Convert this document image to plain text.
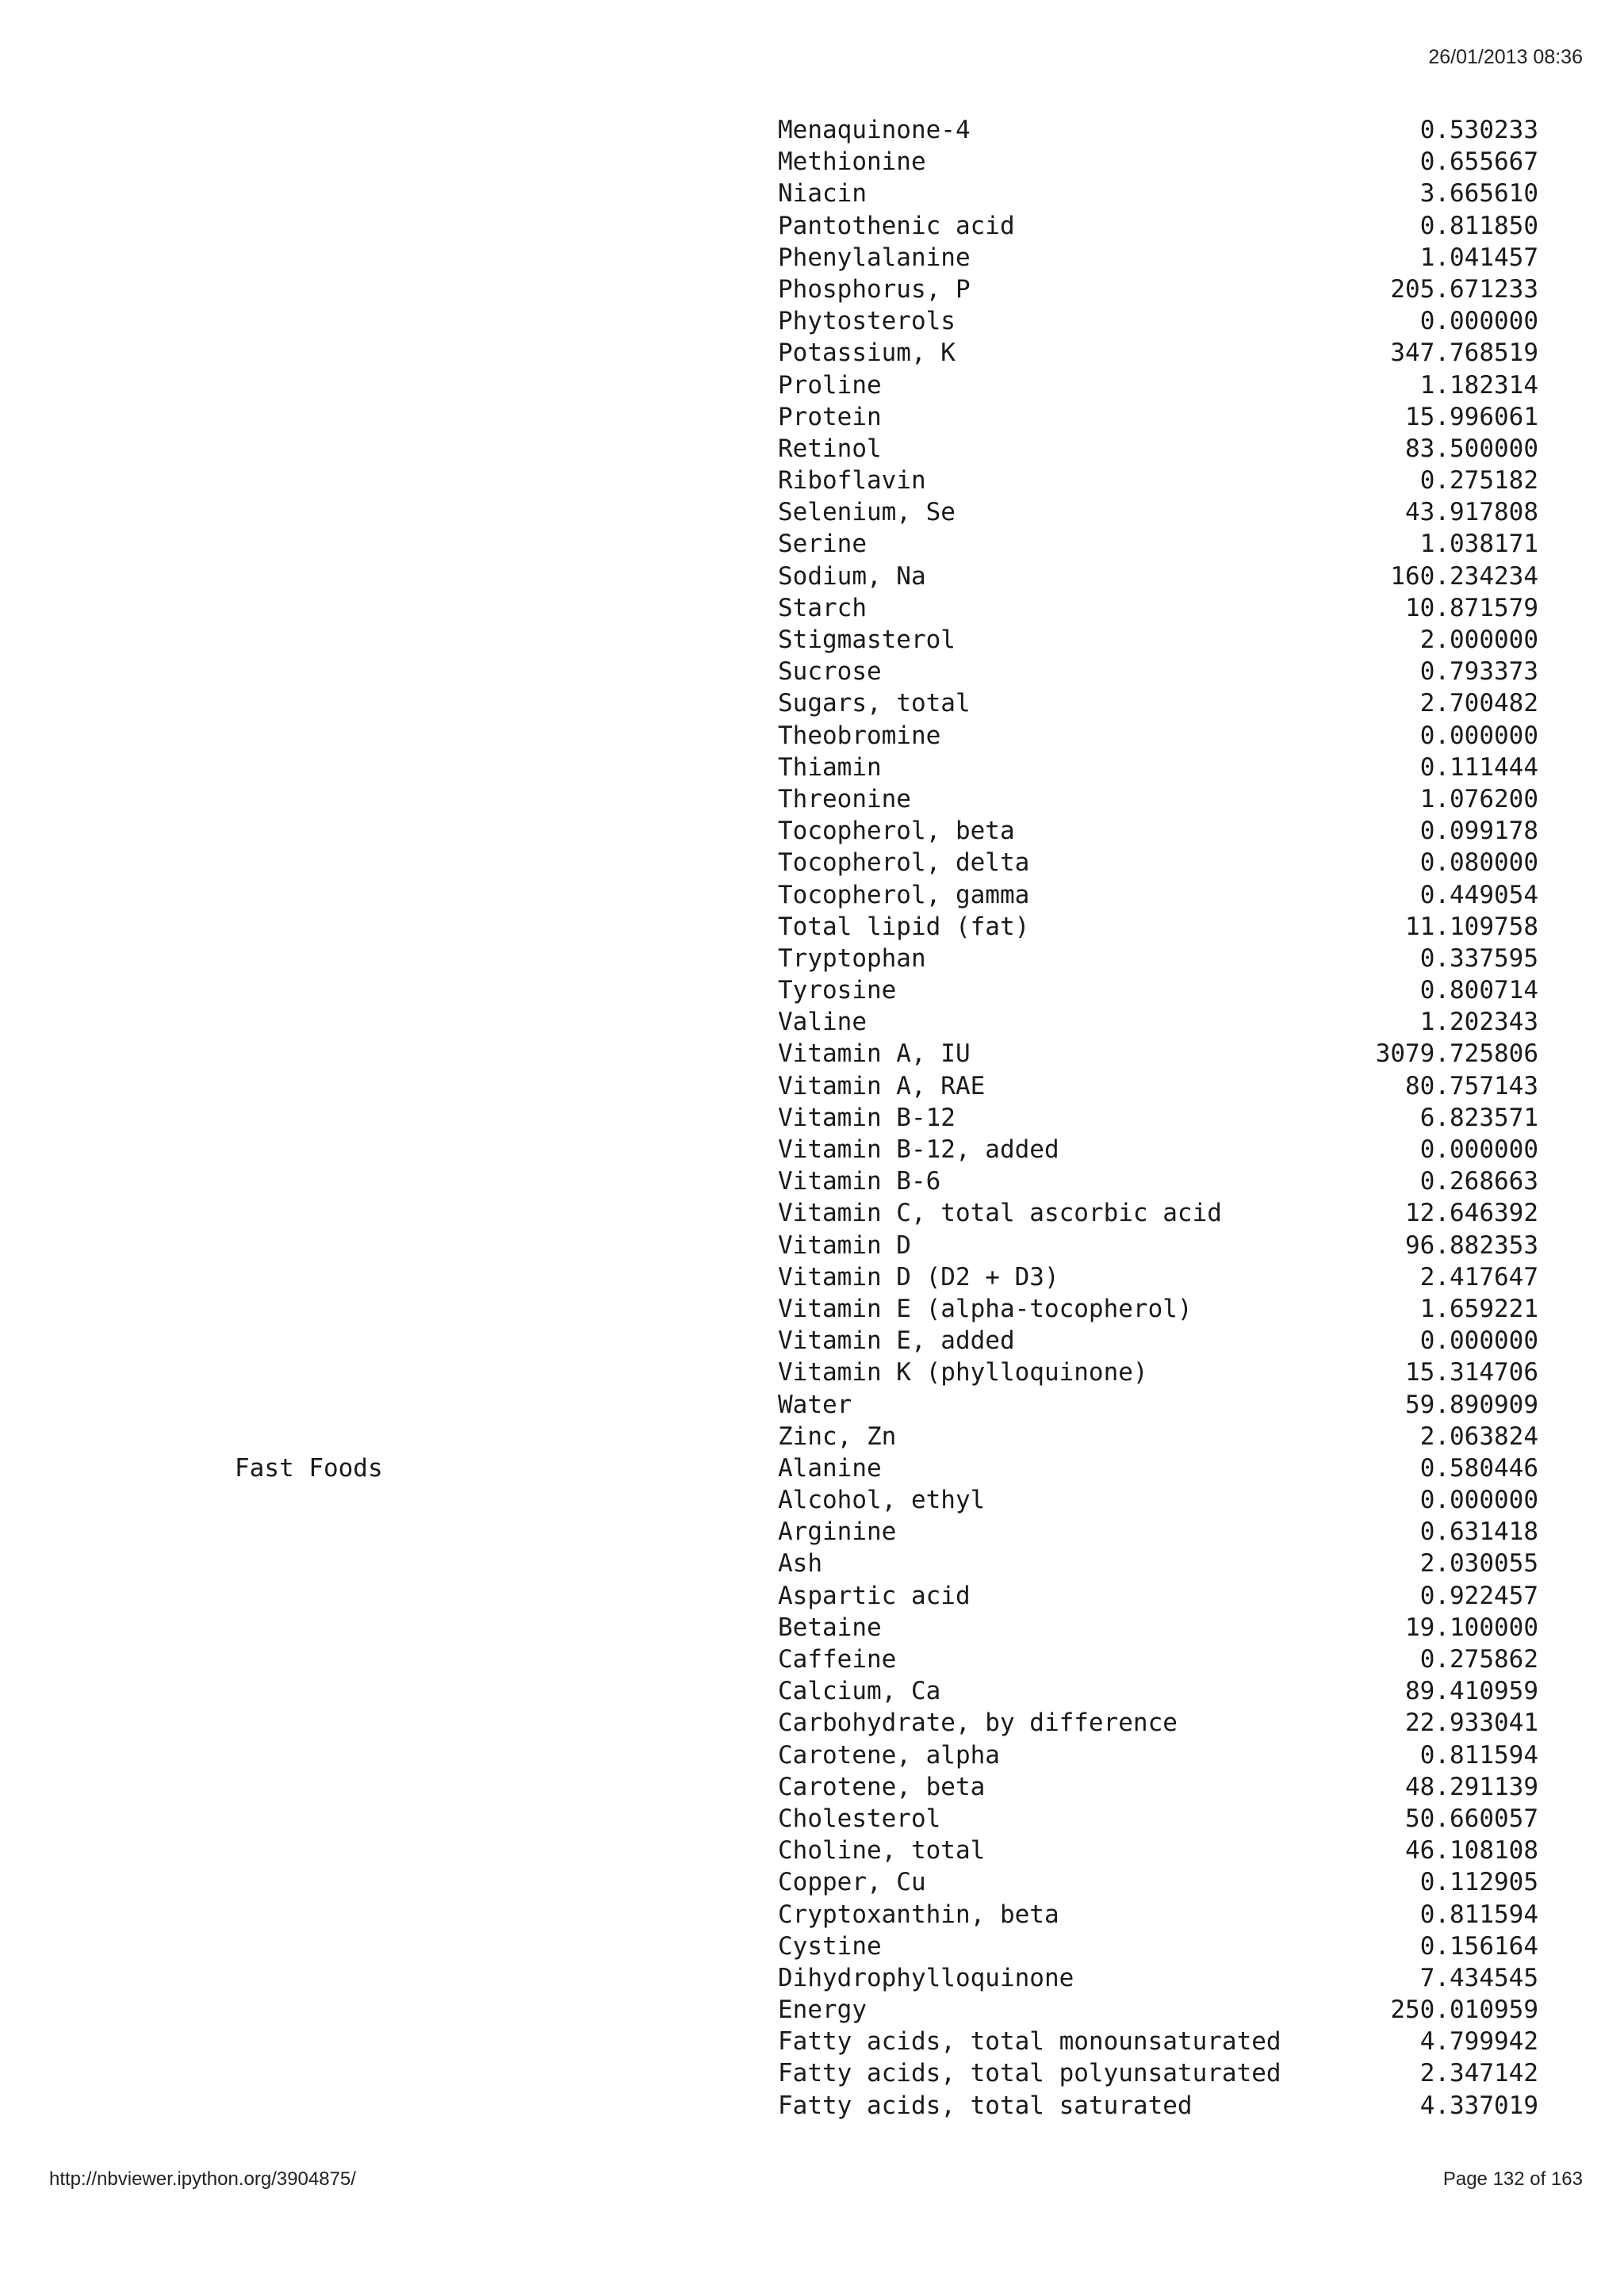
26/01/2013 08:36
Menaquinone-4	0.530233
Methionine	0.655667
Niacin	3.665610
Pantothenic acid	0.811850
Phenylalanine	1.041457
Phosphorus, P	205.671233
Phytosterols	0.000000
Potassium, K	347.768519
Proline	1.182314
Protein	15.996061
Retinol	83.500000
Riboflavin	0.275182
Selenium, Se	43.917808
Serine	1.038171
Sodium, Na	160.234234
Starch	10.871579
Stigmasterol	2.000000
Sucrose	0.793373
Sugars, total	2.700482
Theobromine	0.000000
Thiamin	0.111444
Threonine	1.076200
Tocopherol, beta	0.099178
Tocopherol, delta	0.080000
Tocopherol, gamma	0.449054
Total lipid (fat)	11.109758
Tryptophan	0.337595
Tyrosine	0.800714
Valine	1.202343
Vitamin A, IU	3079.725806
Vitamin A, RAE	80.757143
Vitamin B-12	6.823571
Vitamin B-12, added	0.000000
Vitamin B-6	0.268663
Vitamin C, total ascorbic acid	12.646392
Vitamin D	96.882353
Vitamin D (D2 + D3)	2.417647
Vitamin E (alpha-tocopherol)	1.659221
Vitamin E, added	0.000000
Vitamin K (phylloquinone)	15.314706
Water	59.890909
Zinc, Zn	2.063824
Fast Foods	Alanine	0.580446
Alcohol, ethyl	0.000000
Arginine	0.631418
Ash	2.030055
Aspartic acid	0.922457
Betaine	19.100000
Caffeine	0.275862
Calcium, Ca	89.410959
Carbohydrate, by difference	22.933041
Carotene, alpha	0.811594
Carotene, beta	48.291139
Cholesterol	50.660057
Choline, total	46.108108
Copper, Cu	0.112905
Cryptoxanthin, beta	0.811594
Cystine	0.156164
Dihydrophylloquinone	7.434545
Energy	250.010959
Fatty acids, total monounsaturated	4.799942
Fatty acids, total polyunsaturated	2.347142
Fatty acids, total saturated	4.337019
http://nbviewer.ipython.org/3904875/	Page 132 of 163
